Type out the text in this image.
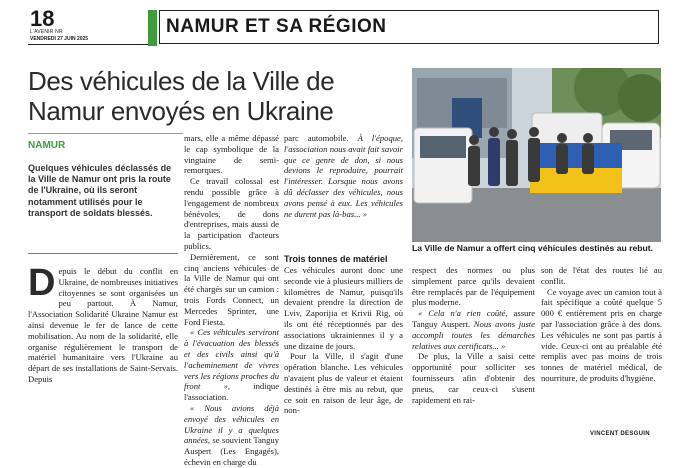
18
L'AVENIR NR
VENDREDI 27 JUIN 2025
NAMUR ET SA RÉGION
Des véhicules de la Ville de Namur envoyés en Ukraine
NAMUR
Quelques véhicules déclassés de la Ville de Namur ont pris la route de l'Ukraine, où ils seront notamment utilisés pour le transport de soldats blessés.
Depuis le début du conflit en Ukraine, de nombreuses initiatives citoyennes se sont organisées un peu partout. À Namur, l'Association Solidarité Ukraine Namur est ainsi devenue le fer de lance de cette mobilisation. Au nom de la solidarité, elle organise régulièrement le transport de matériel humanitaire vers l'Ukraine au départ de ses installations de Saint-Servais. Depuis

mars, elle a même dépassé le cap symbolique de la vingtaine de semi-remorques.

Ce travail colossal est rendu possible grâce à l'engagement de nombreux bénévoles, de dons d'entreprises, mais aussi de la participation d'acteurs publics.

Dernièrement, ce sont cinq anciens véhicules de la Ville de Namur qui ont été chargés sur un camion : trois Fords Connect, un Mercedes Sprinter, une Ford Fiesta.

« Ces véhicules serviront à l'évacuation des blessés et des civils ainsi qu'à l'acheminement de vivres vers les régions proches du front », indique l'association.

« Nous avions déjà envoyé des véhicules en Ukraine il y a quelques années, se souvient Tanguy Auspert (Les Engagés), échevin en charge du

parc automobile. À l'époque, l'association nous avait fait savoir que ce genre de don, si nous devions le reproduire, pourrait l'intéresser. Lorsque nous avons dû déclasser des véhicules, nous avons pensé à eux. Les véhicules ne durent pas là-bas... »

Trois tonnes de matériel

Ces véhicules auront donc une seconde vie à plusieurs milliers de kilomètres de Namur, puisqu'ils devaient prendre la direction de Lviv, Zaporijia et Krivii Rig, où ils ont été réceptionnés par des associations ukrainiennes il y a une dizaine de jours.

Pour la Ville, il s'agit d'une opération blanche. Les véhicules n'avaient plus de valeur et étaient destinés à être mis au rebut, que ce soit en raison de leur âge, de non-

La Ville de Namur a offert cinq véhicules destinés au rebut.

respect des normes ou plus simplement parce qu'ils devaient être remplacés par de l'équipement plus moderne.

« Cela n'a rien coûté, assure Tanguy Auspert. Nous avons juste accompli toutes les démarches relatives aux certificats... »

De plus, la Ville a saisi cette opportunité pour solliciter ses fournisseurs afin d'obtenir des pneus, car ceux-ci s'usent rapidement en rai-

son de l'état des routes lié au conflit.

Ce voyage avec un camion tout à fait spécifique a coûté quelque 5 000 € entièrement pris en charge par l'association grâce à des dons. Les véhicules ne sont pas partis à vide. Ceux-ci ont au préalable été remplis avec pas moins de trois tonnes de matériel médical, de nourriture, de produits d'hygiène.

VINCENT DESGUIN
